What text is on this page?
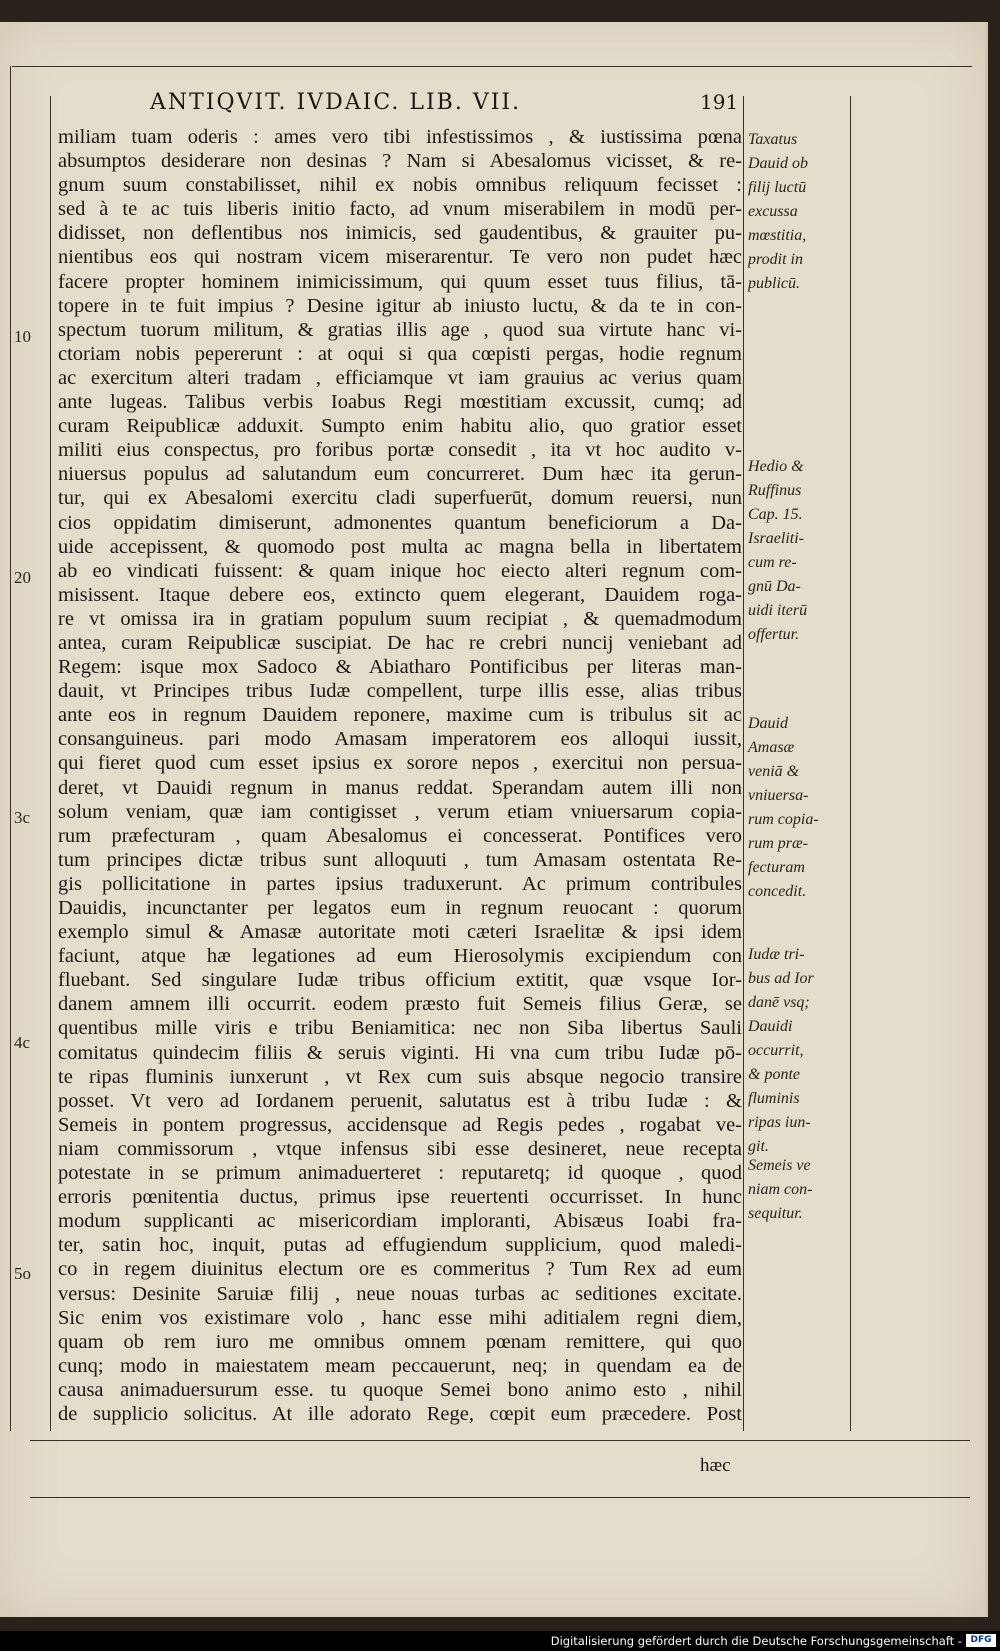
ANTIQVIT. IVDAIC. LIB. VII.	191
miliam tuam oderis : ames vero tibi infestissimos , & iustissima pœna
absumptos desiderare non desinas ? Nam si Abesalomus vicisset, & re-
gnum suum constabilisset, nihil ex nobis omnibus reliquum fecisset :
sed à te ac tuis liberis initio facto, ad vnum miserabilem in modū per-
didisset, non deflentibus nos inimicis, sed gaudentibus, & grauiter pu-
nientibus eos qui nostram vicem miserarentur. Te vero non pudet hæc
facere propter hominem inimicissimum, qui quum esset tuus filius, tā-
topere in te fuit impius ? Desine igitur ab iniusto luctu, & da te in con-
spectum tuorum militum, & gratias illis age , quod sua virtute hanc vi-
ctoriam nobis pepererunt : at oqui si qua cœpisti pergas, hodie regnum
ac exercitum alteri tradam , efficiamque vt iam grauius ac verius quam
ante lugeas. Talibus verbis Ioabus Regi mœstitiam excussit, cumq; ad
curam Reipublicæ adduxit. Sumpto enim habitu alio, quo gratior esset
militi eius conspectus, pro foribus portæ consedit , ita vt hoc audito v-
niuersus populus ad salutandum eum concurreret. Dum hæc ita gerun-
tur, qui ex Abesalomi exercitu cladi superfuerūt, domum reuersi, nun
cios oppidatim dimiserunt, admonentes quantum beneficiorum a Da-
uide accepissent, & quomodo post multa ac magna bella in libertatem
ab eo vindicati fuissent: & quam inique hoc eiecto alteri regnum com-
misissent. Itaque debere eos, extincto quem elegerant, Dauidem roga-
re vt omissa ira in gratiam populum suum recipiat , & quemadmodum
antea, curam Reipublicæ suscipiat. De hac re crebri nuncij veniebant ad
Regem: isque mox Sadoco & Abiatharo Pontificibus per literas man-
dauit, vt Principes tribus Iudæ compellent, turpe illis esse, alias tribus
ante eos in regnum Dauidem reponere, maxime cum is tribulus sit ac
consanguineus. pari modo Amasam imperatorem eos alloqui iussit,
qui fieret quod cum esset ipsius ex sorore nepos , exercitui non persua-
deret, vt Dauidi regnum in manus reddat. Sperandam autem illi non
solum veniam, quæ iam contigisset , verum etiam vniuersarum copia-
rum præfecturam , quam Abesalomus ei concesserat. Pontifices vero
tum principes dictæ tribus sunt alloquuti , tum Amasam ostentata Re-
gis pollicitatione in partes ipsius traduxerunt. Ac primum contribules
Dauidis, incunctanter per legatos eum in regnum reuocant : quorum
exemplo simul & Amasæ autoritate moti cæteri Israelitæ & ipsi idem
faciunt, atque hæ legationes ad eum Hierosolymis excipiendum con
fluebant. Sed singulare Iudæ tribus officium extitit, quæ vsque Ior-
danem amnem illi occurrit. eodem præsto fuit Semeis filius Geræ, se
quentibus mille viris e tribu Beniamitica: nec non Siba libertus Sauli
comitatus quindecim filiis & seruis viginti. Hi vna cum tribu Iudæ pō-
te ripas fluminis iunxerunt , vt Rex cum suis absque negocio transire
posset. Vt vero ad Iordanem peruenit, salutatus est à tribu Iudæ : &
Semeis in pontem progressus, accidensque ad Regis pedes , rogabat ve-
niam commissorum , vtque infensus sibi esse desineret, neue recepta
potestate in se primum animaduerteret : reputaretq; id quoque , quod
erroris pœnitentia ductus, primus ipse reuertenti occurrisset. In hunc
modum supplicanti ac misericordiam imploranti, Abisæus Ioabi fra-
ter, satin hoc, inquit, putas ad effugiendum supplicium, quod maledi-
co in regem diuinitus electum ore es commeritus ? Tum Rex ad eum
versus: Desinite Saruiæ filij , neue nouas turbas ac seditiones excitate.
Sic enim vos existimare volo , hanc esse mihi aditialem regni diem,
quam ob rem iuro me omnibus omnem pœnam remittere, qui quo
cunq; modo in maiestatem meam peccauerunt, neq; in quendam ea de
causa animaduersurum esse. tu quoque Semei bono animo esto , nihil
de supplicio solicitus. At ille adorato Rege, cœpit eum præcedere. Post
Taxatus
Dauid ob
filij luctū
excussa
mœstitia,
prodit in
publicū.
Hedio &
Ruffinus
Cap. 15.
Israeliti-
cum re-
gnū Da-
uidi iterū
offertur.
Dauid
Amasæ
veniā &
vniuersa-
rum copia-
rum præ-
fecturam
concedit.
Iudæ tri-
bus ad Ior
danē vsq;
Dauidi
occurrit,
& ponte
fluminis
ripas iun-
git.
Semeis ve
niam con-
sequitur.
10
20
3c
4c
5o
hæc
Digitalisierung gefördert durch die Deutsche Forschungsgemeinschaft - DFG
